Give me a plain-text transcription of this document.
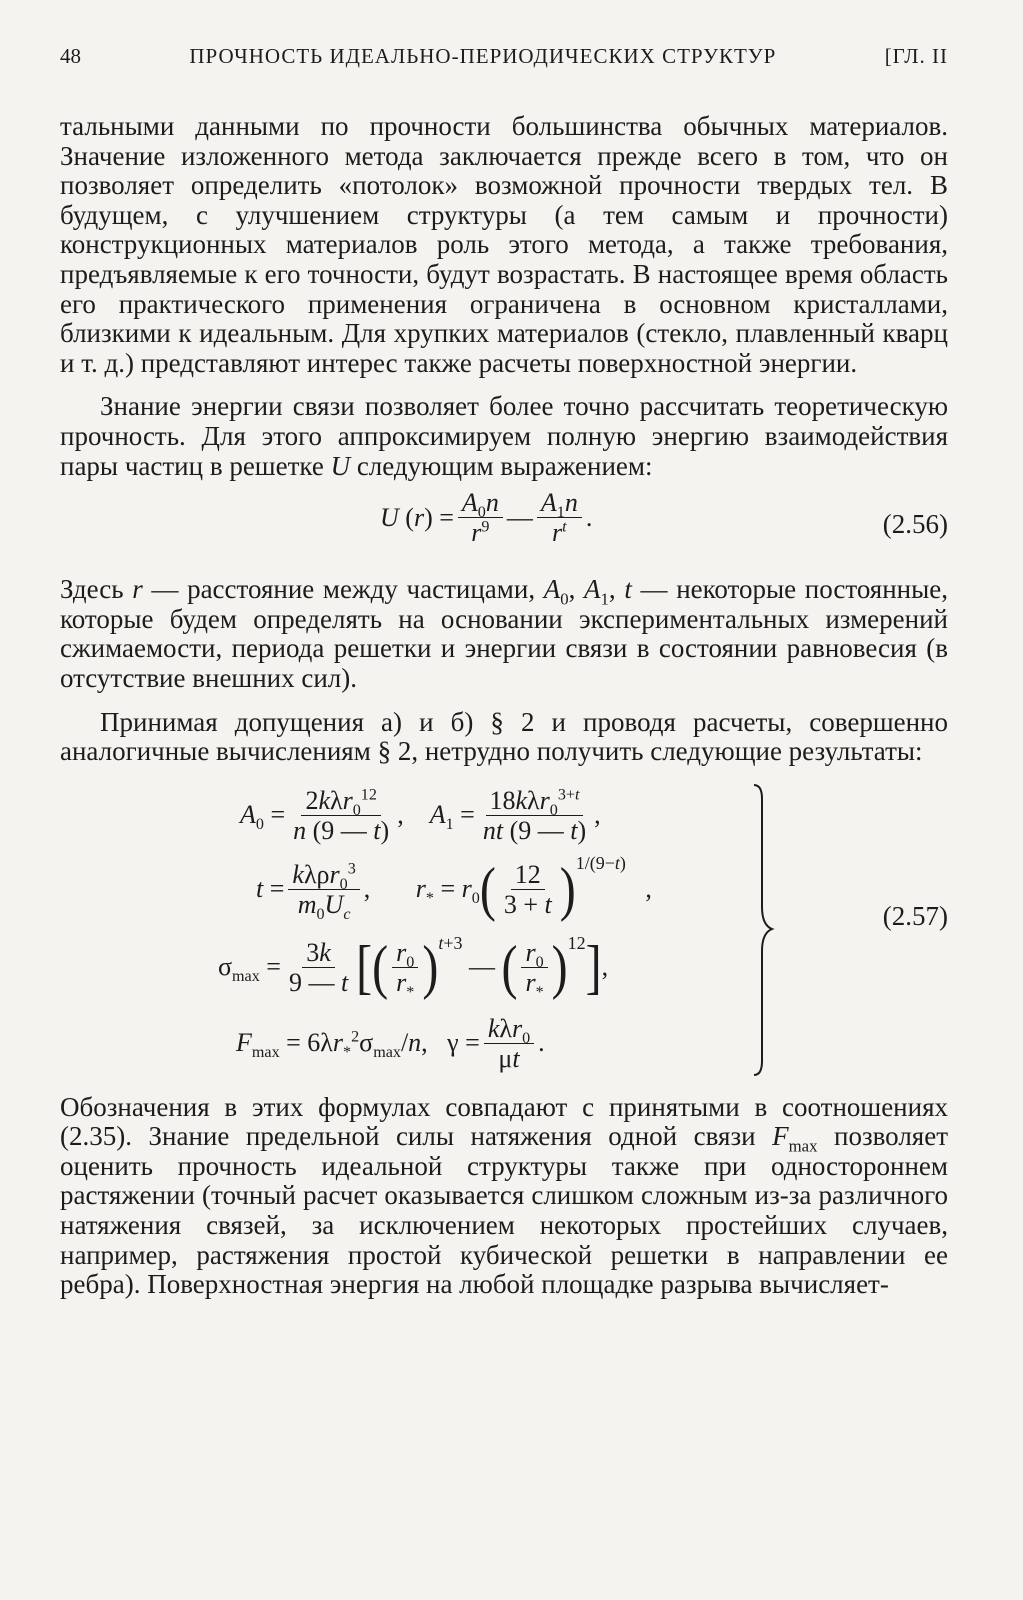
48	ПРОЧНОСТЬ ИДЕАЛЬНО-ПЕРИОДИЧЕСКИХ СТРУКТУР	[ГЛ. II

тальными данными по прочности большинства обычных материалов. Значение изложенного метода заключается прежде всего в том, что он позволяет определить «потолок» возможной прочности твердых тел. В будущем, с улучшением структуры (а тем самым и прочности) конструкционных материалов роль этого метода, а также требования, предъявляемые к его точности, будут возрастать. В настоящее время область его практического применения ограничена в основном кристаллами, близкими к идеальным. Для хрупких материалов (стекло, плавленный кварц и т. д.) представляют интерес также расчеты поверхностной энергии.

Знание энергии связи позволяет более точно рассчитать теоретическую прочность. Для этого аппроксимируем полную энергию взаимодействия пары частиц в решетке U следующим выражением:

U $(r) = \frac{A_0n}{r^9}$ — $\frac{A_1n}{r^t}$ .	(2.56)

Здесь r — расстояние между частицами, $A_0$, $A_1$, t — некоторые постоянные, которые будем определять на основании экспериментальных измерений сжимаемости, периода решетки и энергии связи в состоянии равновесия (в отсутствие внешних сил).

Принимая допущения а) и б) § 2 и проводя расчеты, совершенно аналогичные вычислениям § 2, нетрудно получить следующие результаты:

$A_0 = \frac{2k\lambda r_0^{12}}{n (9 — t)}$ ,    $A_1 = \frac{18k\lambda r_0^{3+t}}{nt (9 — t)}$ ,
$t = \frac{k\lambda\rho r_0^3}{m_0U_c}$ ,       $r_* = r_0$ ( $\frac{12}{3 + t}$ ) 1/(9−t)
,
$\sigma_{max} = \frac{3k}{9 — t}$ [ ( $\frac{r_0}{r_*}$ ) t+3
— ( $\frac{r_0}{r_*}$ ) 12 ] ,
$F_{max} = 6\lambda r_*^2\sigma_{max}/n$,   $\gamma = \frac{k\lambda r_0}{\mu t}$ .
(2.57)

Обозначения в этих формулах совпадают с принятыми в соотношениях (2.35). Знание предельной силы натяжения одной связи $F_{max}$ позволяет оценить прочность идеальной структуры также при одностороннем растяжении (точный расчет оказывается слишком сложным из-за различного натяжения связей, за исключением некоторых простейших случаев, например, растяжения простой кубической решетки в направлении ее ребра). Поверхностная энергия на любой площадке разрыва вычисляет-
